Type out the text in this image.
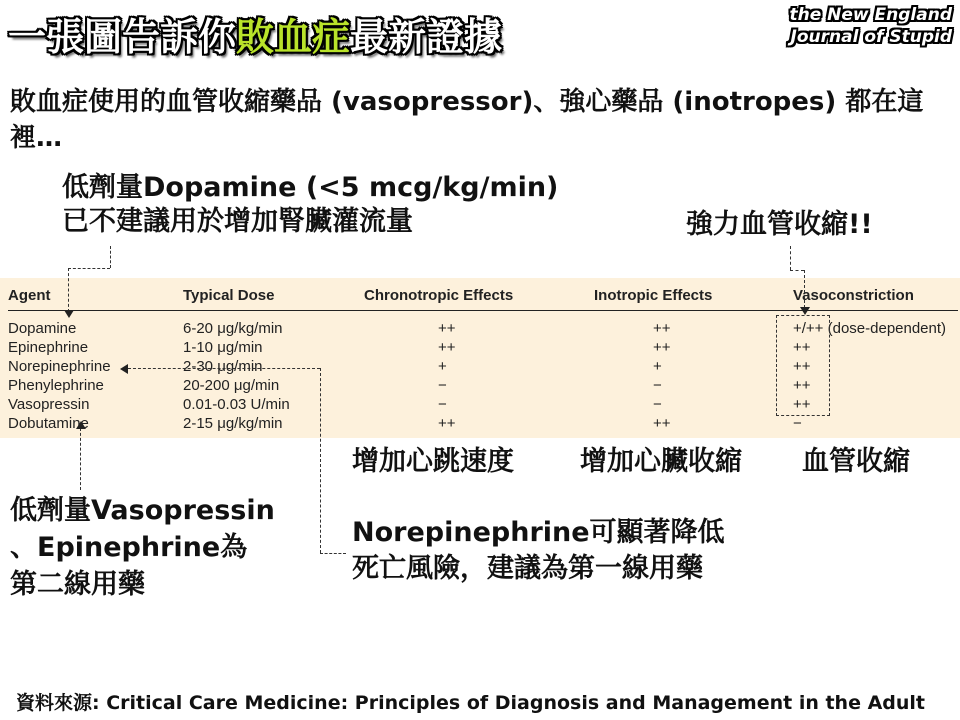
一張圖告訴你敗血症最新證據	the New England
Journal of Stupid
敗血症使用的血管收縮藥品 (vasopressor)、強心藥品 (inotropes) 都在這裡…
低劑量Dopamine (<5 mcg/kg/min)
已不建議用於增加腎臟灌流量	強力血管收縮!!
Agent	Typical Dose	Chronotropic Effects	Inotropic Effects	Vasoconstriction
Dopamine	6-20 μg/kg/min	++	++	+/++ (dose-dependent)
Epinephrine	1-10 μg/min	++	++	++
Norepinephrine	2-30 μg/min	+	+	++
Phenylephrine	20-200 μg/min	−	−	++
Vasopressin	0.01-0.03 U/min	−	−	++
Dobutamine	2-15 μg/kg/min	++	++	−
增加心跳速度 增加心臟收縮 血管收縮
低劑量Vasopressin
、Epinephrine為
第二線用藥
Norepinephrine可顯著降低
死亡風險，建議為第一線用藥
資料來源: Critical Care Medicine: Principles of Diagnosis and Management in the Adult
